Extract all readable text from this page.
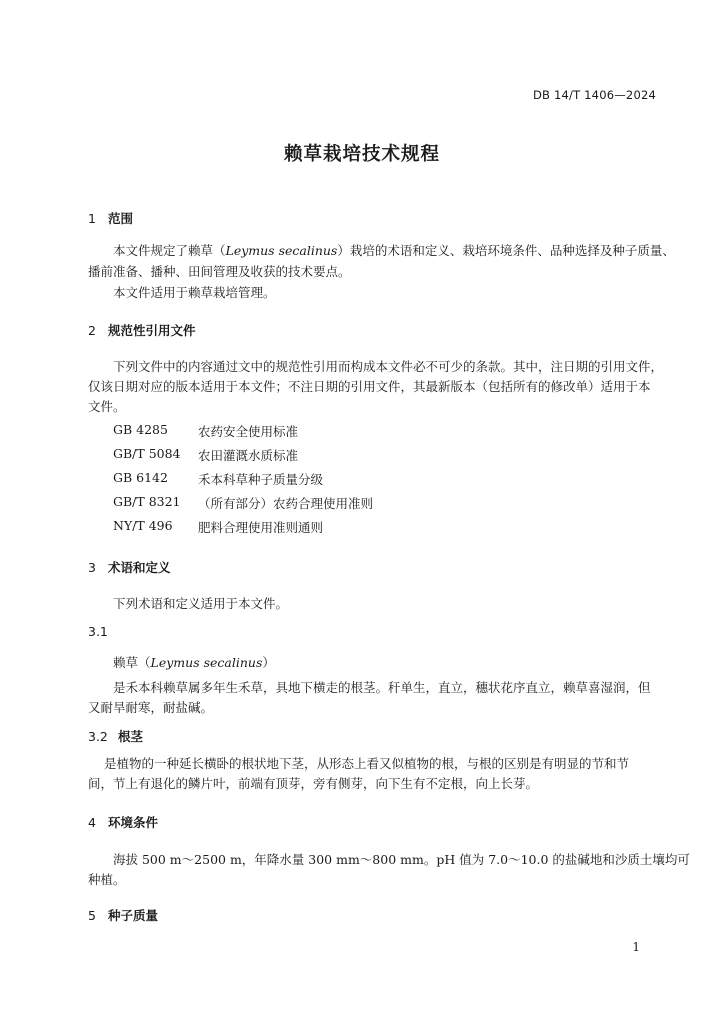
DB 14/T 1406—2024
赖草栽培技术规程
1 范围
本文件规定了赖草（Leymus secalinus）栽培的术语和定义、栽培环境条件、品种选择及种子质量、
播前准备、播种、田间管理及收获的技术要点。
本文件适用于赖草栽培管理。
2 规范性引用文件
下列文件中的内容通过文中的规范性引用而构成本文件必不可少的条款。其中，注日期的引用文件，
仅该日期对应的版本适用于本文件；不注日期的引用文件，其最新版本（包括所有的修改单）适用于本
文件。
GB 4285 农药安全使用标准
GB/T 5084 农田灌溉水质标准
GB 6142 禾本科草种子质量分级
GB/T 8321 （所有部分）农药合理使用准则
NY/T 496 肥料合理使用准则通则
3 术语和定义
下列术语和定义适用于本文件。
3.1
赖草（Leymus secalinus）
是禾本科赖草属多年生禾草，具地下横走的根茎。秆单生，直立，穗状花序直立，赖草喜湿润，但
又耐旱耐寒，耐盐碱。
3.2 根茎
是植物的一种延长横卧的根状地下茎，从形态上看又似植物的根，与根的区别是有明显的节和节
间，节上有退化的鳞片叶，前端有顶芽，旁有侧芽，向下生有不定根，向上长芽。
4 环境条件
海拔 500 m～2500 m，年降水量 300 mm～800 mm。pH 值为 7.0～10.0 的盐碱地和沙质土壤均可
种植。
5 种子质量
1
